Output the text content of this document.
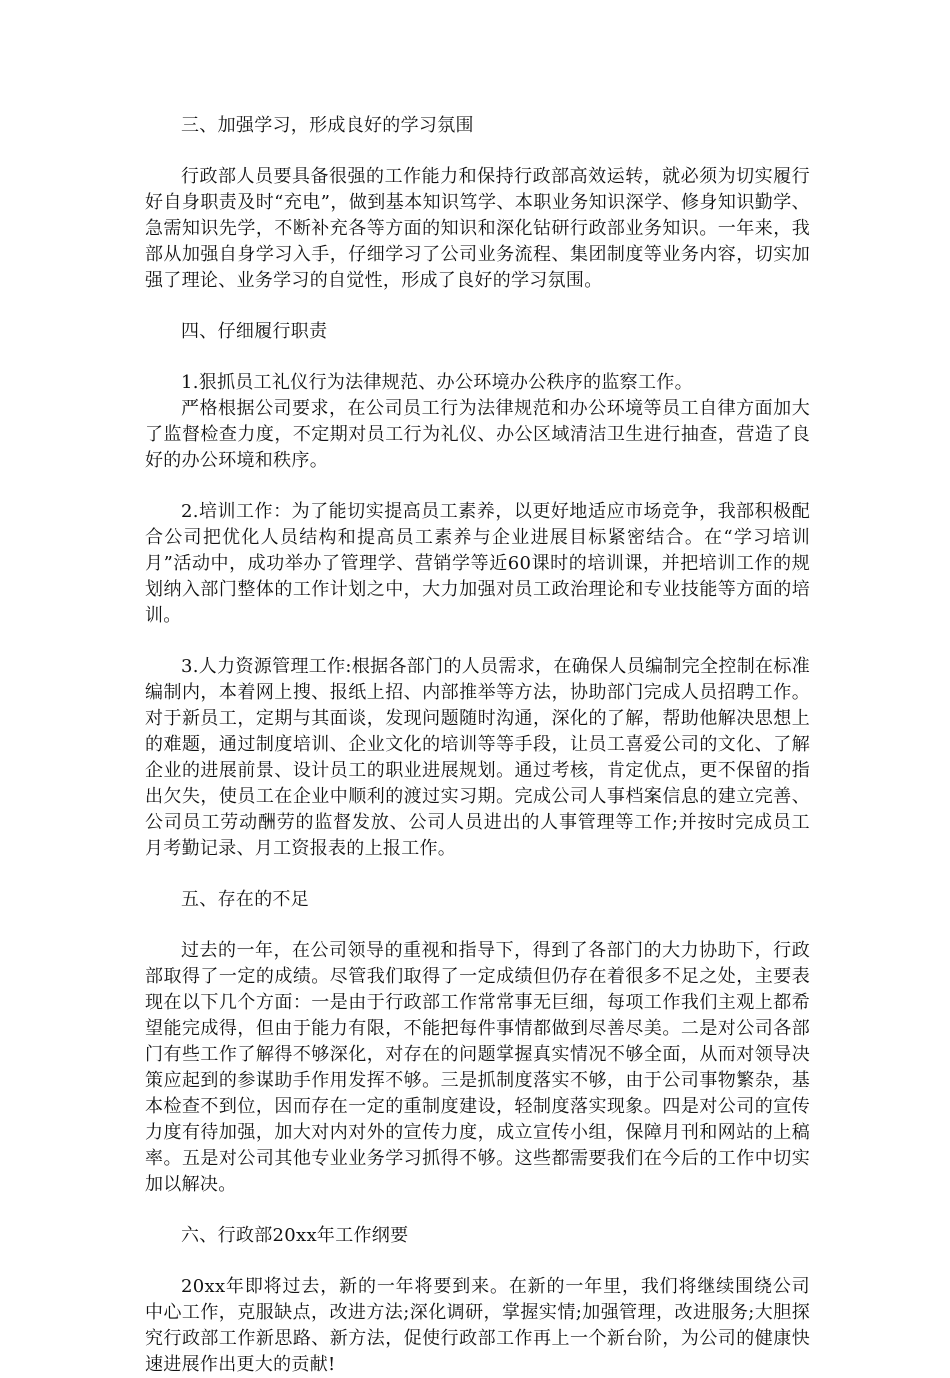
三、加强学习，形成良好的学习氛围

行政部人员要具备很强的工作能力和保持行政部高效运转，就必须为切实履行好自身职责及时“充电”，做到基本知识笃学、本职业务知识深学、修身知识勤学、急需知识先学，不断补充各等方面的知识和深化钻研行政部业务知识。一年来，我部从加强自身学习入手，仔细学习了公司业务流程、集团制度等业务内容，切实加强了理论、业务学习的自觉性，形成了良好的学习氛围。

四、仔细履行职责

1.狠抓员工礼仪行为法律规范、办公环境办公秩序的监察工作。

严格根据公司要求，在公司员工行为法律规范和办公环境等员工自律方面加大了监督检查力度，不定期对员工行为礼仪、办公区域清洁卫生进行抽查，营造了良好的办公环境和秩序。

2.培训工作：为了能切实提高员工素养，以更好地适应市场竞争，我部积极配合公司把优化人员结构和提高员工素养与企业进展目标紧密结合。在“学习培训月”活动中，成功举办了管理学、营销学等近60课时的培训课，并把培训工作的规划纳入部门整体的工作计划之中，大力加强对员工政治理论和专业技能等方面的培训。

3.人力资源管理工作:根据各部门的人员需求，在确保人员编制完全控制在标准编制内，本着网上搜、报纸上招、内部推举等方法，协助部门完成人员招聘工作。对于新员工，定期与其面谈，发现问题随时沟通，深化的了解，帮助他解决思想上的难题，通过制度培训、企业文化的培训等等手段，让员工喜爱公司的文化、了解企业的进展前景、设计员工的职业进展规划。通过考核，肯定优点，更不保留的指出欠失，使员工在企业中顺利的渡过实习期。完成公司人事档案信息的建立完善、公司员工劳动酬劳的监督发放、公司人员进出的人事管理等工作;并按时完成员工月考勤记录、月工资报表的上报工作。

五、存在的不足

过去的一年，在公司领导的重视和指导下，得到了各部门的大力协助下，行政部取得了一定的成绩。尽管我们取得了一定成绩但仍存在着很多不足之处，主要表现在以下几个方面：一是由于行政部工作常常事无巨细，每项工作我们主观上都希望能完成得，但由于能力有限，不能把每件事情都做到尽善尽美。二是对公司各部门有些工作了解得不够深化，对存在的问题掌握真实情况不够全面，从而对领导决策应起到的参谋助手作用发挥不够。三是抓制度落实不够，由于公司事物繁杂，基本检查不到位，因而存在一定的重制度建设，轻制度落实现象。四是对公司的宣传力度有待加强，加大对内对外的宣传力度，成立宣传小组，保障月刊和网站的上稿率。五是对公司其他专业业务学习抓得不够。这些都需要我们在今后的工作中切实加以解决。

六、行政部20xx年工作纲要

20xx年即将过去，新的一年将要到来。在新的一年里，我们将继续围绕公司中心工作，克服缺点，改进方法;深化调研，掌握实情;加强管理，改进服务;大胆探究行政部工作新思路、新方法，促使行政部工作再上一个新台阶，为公司的健康快速进展作出更大的贡献!
